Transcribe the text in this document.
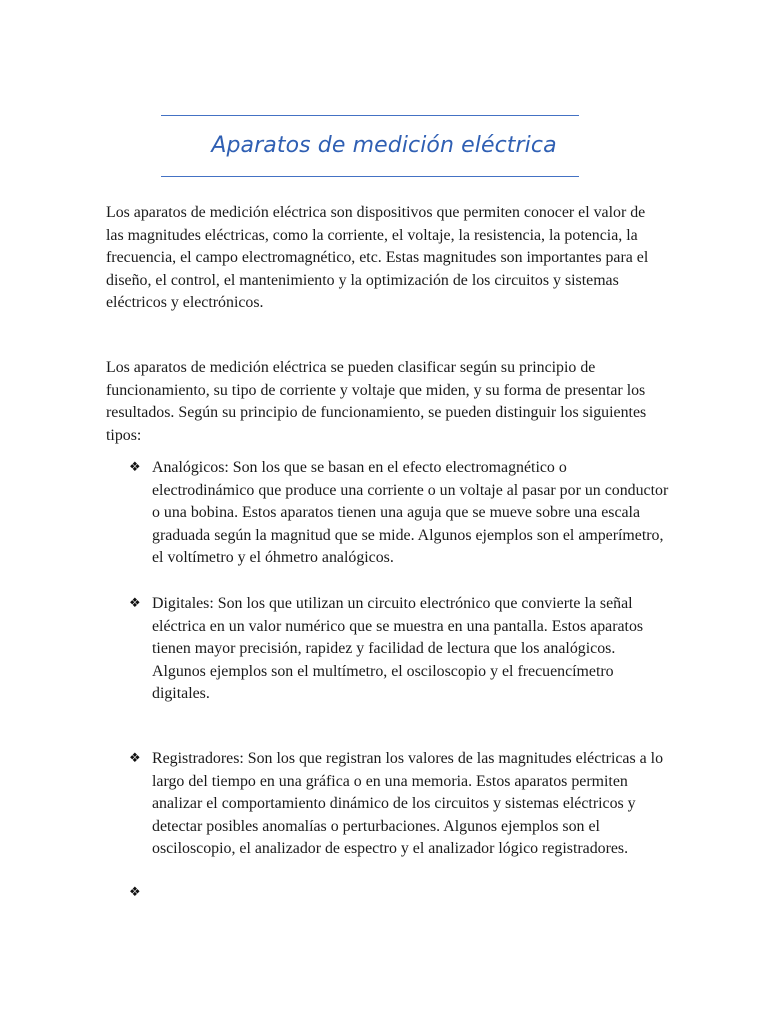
Aparatos de medición eléctrica

Los aparatos de medición eléctrica son dispositivos que permiten conocer el valor de las magnitudes eléctricas, como la corriente, el voltaje, la resistencia, la potencia, la frecuencia, el campo electromagnético, etc. Estas magnitudes son importantes para el diseño, el control, el mantenimiento y la optimización de los circuitos y sistemas eléctricos y electrónicos.

Los aparatos de medición eléctrica se pueden clasificar según su principio de funcionamiento, su tipo de corriente y voltaje que miden, y su forma de presentar los resultados. Según su principio de funcionamiento, se pueden distinguir los siguientes tipos:

❖ Analógicos: Son los que se basan en el efecto electromagnético o electrodinámico que produce una corriente o un voltaje al pasar por un conductor o una bobina. Estos aparatos tienen una aguja que se mueve sobre una escala graduada según la magnitud que se mide. Algunos ejemplos son el amperímetro, el voltímetro y el óhmetro analógicos.
❖ Digitales: Son los que utilizan un circuito electrónico que convierte la señal eléctrica en un valor numérico que se muestra en una pantalla. Estos aparatos tienen mayor precisión, rapidez y facilidad de lectura que los analógicos. Algunos ejemplos son el multímetro, el osciloscopio y el frecuencímetro digitales.
❖ Registradores: Son los que registran los valores de las magnitudes eléctricas a lo largo del tiempo en una gráfica o en una memoria. Estos aparatos permiten analizar el comportamiento dinámico de los circuitos y sistemas eléctricos y detectar posibles anomalías o perturbaciones. Algunos ejemplos son el osciloscopio, el analizador de espectro y el analizador lógico registradores.
❖
